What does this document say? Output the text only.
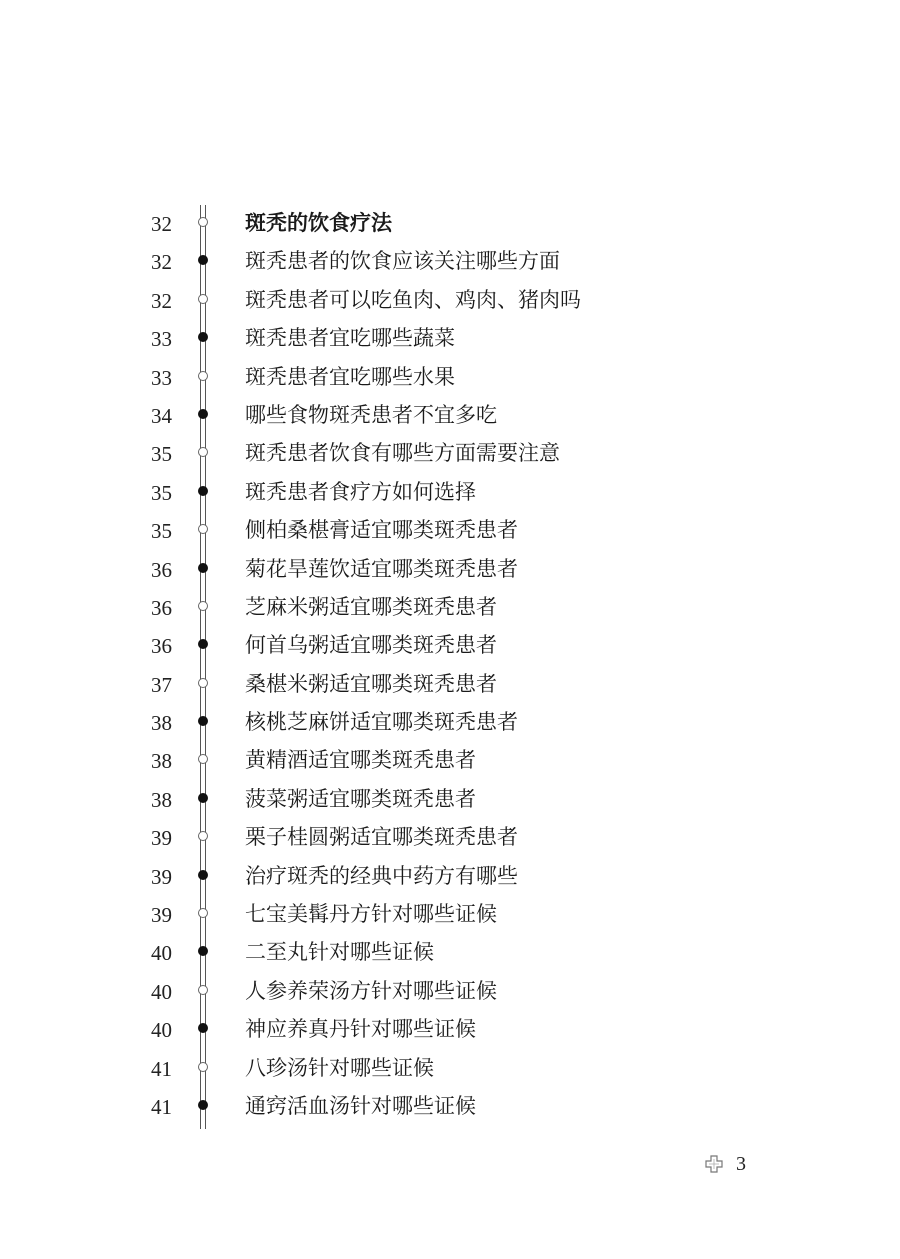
32	斑秃的饮食疗法
32	斑秃患者的饮食应该关注哪些方面
32	斑秃患者可以吃鱼肉、鸡肉、猪肉吗
33	斑秃患者宜吃哪些蔬菜
33	斑秃患者宜吃哪些水果
34	哪些食物斑秃患者不宜多吃
35	斑秃患者饮食有哪些方面需要注意
35	斑秃患者食疗方如何选择
35	侧柏桑椹膏适宜哪类斑秃患者
36	菊花旱莲饮适宜哪类斑秃患者
36	芝麻米粥适宜哪类斑秃患者
36	何首乌粥适宜哪类斑秃患者
37	桑椹米粥适宜哪类斑秃患者
38	核桃芝麻饼适宜哪类斑秃患者
38	黄精酒适宜哪类斑秃患者
38	菠菜粥适宜哪类斑秃患者
39	栗子桂圆粥适宜哪类斑秃患者
39	治疗斑秃的经典中药方有哪些
39	七宝美髯丹方针对哪些证候
40	二至丸针对哪些证候
40	人参养荣汤方针对哪些证候
40	神应养真丹针对哪些证候
41	八珍汤针对哪些证候
41	通窍活血汤针对哪些证候
3
